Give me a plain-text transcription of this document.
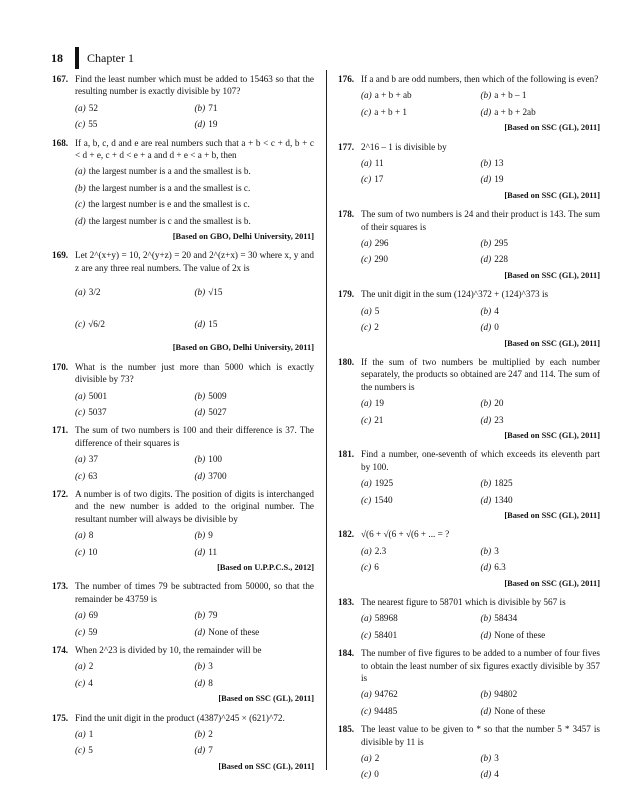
18 Chapter 1
167. Find the least number which must be added to 15463 so that the resulting number is exactly divisible by 107?
(a) 52	(b) 71
(c) 55	(d) 19
168. If a, b, c, d and e are real numbers such that a + b < c + d, b + c < d + e, c + d < e + a and d + e < a + b, then
(a) the largest number is a and the smallest is b.
(b) the largest number is a and the smallest is c.
(c) the largest number is e and the smallest is c.
(d) the largest number is c and the smallest is b.
[Based on GBO, Delhi University, 2011]
169. Let 2^(x+y) = 10, 2^(y+z) = 20 and 2^(z+x) = 30 where x, y and z are any three real numbers. The value of 2x is
(a) 3/2	(b) √15
(c) √6/2	(d) 15
[Based on GBO, Delhi University, 2011]
170. What is the number just more than 5000 which is exactly divisible by 73?
(a) 5001	(b) 5009
(c) 5037	(d) 5027
171. The sum of two numbers is 100 and their difference is 37. The difference of their squares is
(a) 37	(b) 100
(c) 63	(d) 3700
172. A number is of two digits. The position of digits is interchanged and the new number is added to the original number. The resultant number will always be divisible by
(a) 8	(b) 9
(c) 10	(d) 11
[Based on U.P.P.C.S., 2012]
173. The number of times 79 be subtracted from 50000, so that the remainder be 43759 is
(a) 69	(b) 79
(c) 59	(d) None of these
174. When 2^23 is divided by 10, the remainder will be
(a) 2	(b) 3
(c) 4	(d) 8
[Based on SSC (GL), 2011]
175. Find the unit digit in the product (4387)^245 × (621)^72.
(a) 1	(b) 2
(c) 5	(d) 7
[Based on SSC (GL), 2011]
176. If a and b are odd numbers, then which of the following is even?
(a) a + b + ab	(b) a + b – 1
(c) a + b + 1	(d) a + b + 2ab
[Based on SSC (GL), 2011]
177. 2^16 – 1 is divisible by
(a) 11	(b) 13
(c) 17	(d) 19
[Based on SSC (GL), 2011]
178. The sum of two numbers is 24 and their product is 143. The sum of their squares is
(a) 296	(b) 295
(c) 290	(d) 228
[Based on SSC (GL), 2011]
179. The unit digit in the sum (124)^372 + (124)^373 is
(a) 5	(b) 4
(c) 2	(d) 0
[Based on SSC (GL), 2011]
180. If the sum of two numbers be multiplied by each number separately, the products so obtained are 247 and 114. The sum of the numbers is
(a) 19	(b) 20
(c) 21	(d) 23
[Based on SSC (GL), 2011]
181. Find a number, one-seventh of which exceeds its eleventh part by 100.
(a) 1925	(b) 1825
(c) 1540	(d) 1340
[Based on SSC (GL), 2011]
182. √(6 + √(6 + √(6 + ... = ?
(a) 2.3	(b) 3
(c) 6	(d) 6.3
[Based on SSC (GL), 2011]
183. The nearest figure to 58701 which is divisible by 567 is
(a) 58968	(b) 58434
(c) 58401	(d) None of these
184. The number of five figures to be added to a number of four fives to obtain the least number of six figures exactly divisible by 357 is
(a) 94762	(b) 94802
(c) 94485	(d) None of these
185. The least value to be given to * so that the number 5 * 3457 is divisible by 11 is
(a) 2	(b) 3
(c) 0	(d) 4
